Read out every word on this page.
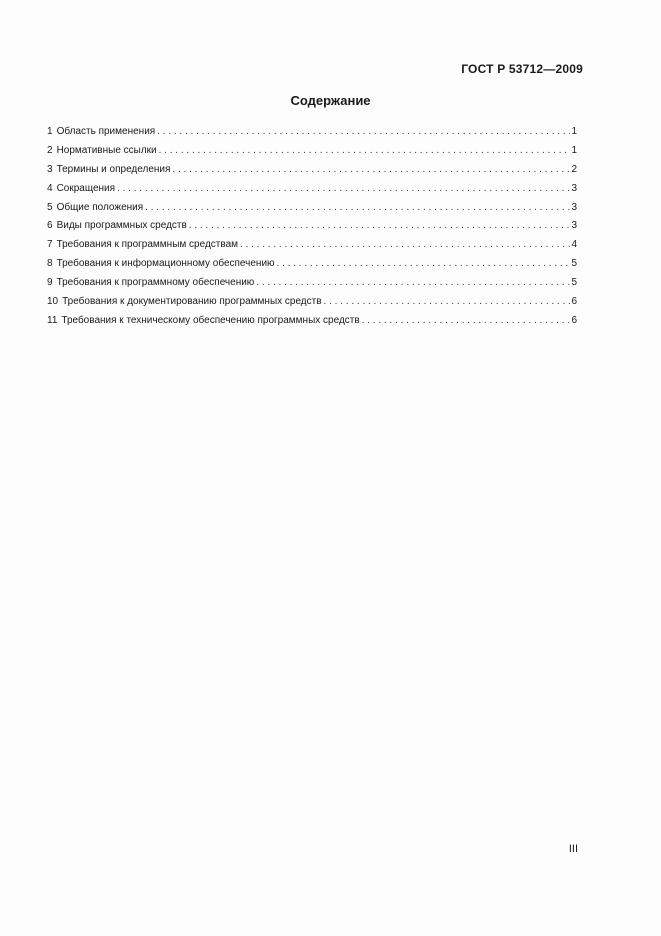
ГОСТ Р 53712—2009
Содержание
1 Область применения . . .	1
2 Нормативные ссылки . . .	1
3 Термины и определения . . .	2
4 Сокращения . . .	3
5 Общие положения . . .	3
6 Виды программных средств . . .	3
7 Требования к программным средствам . . .	4
8 Требования к информационному обеспечению . . .	5
9 Требования к программному обеспечению . . .	5
10 Требования к документированию программных средств . . .	6
11 Требования к техническому обеспечению программных средств . . .	6
III
